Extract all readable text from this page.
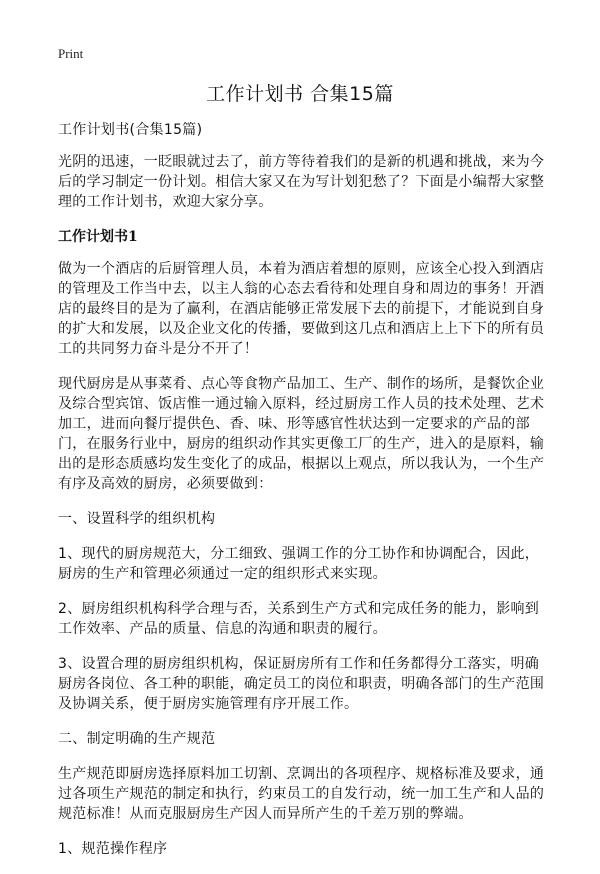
Print
工作计划书 合集15篇

工作计划书(合集15篇)

光阴的迅速，一眨眼就过去了，前方等待着我们的是新的机遇和挑战，来为今后的学习制定一份计划。相信大家又在为写计划犯愁了？下面是小编帮大家整理的工作计划书，欢迎大家分享。

工作计划书1

做为一个酒店的后厨管理人员，本着为酒店着想的原则，应该全心投入到酒店的管理及工作当中去，以主人翁的心态去看待和处理自身和周边的事务！开酒店的最终目的是为了赢利，在酒店能够正常发展下去的前提下，才能说到自身的扩大和发展，以及企业文化的传播，要做到这几点和酒店上上下下的所有员工的共同努力奋斗是分不开了！

现代厨房是从事菜肴、点心等食物产品加工、生产、制作的场所，是餐饮企业及综合型宾馆、饭店惟一通过输入原料，经过厨房工作人员的技术处理、艺术加工，进而向餐厅提供色、香、味、形等感官性状达到一定要求的产品的部门，在服务行业中，厨房的组织动作其实更像工厂的生产，进入的是原料，输出的是形态质感均发生变化了的成品，根据以上观点，所以我认为，一个生产有序及高效的厨房，必须要做到：

一、设置科学的组织机构

1、现代的厨房规范大，分工细致、强调工作的分工协作和协调配合，因此，厨房的生产和管理必须通过一定的组织形式来实现。

2、厨房组织机构科学合理与否，关系到生产方式和完成任务的能力，影响到工作效率、产品的质量、信息的沟通和职责的履行。

3、设置合理的厨房组织机构，保证厨房所有工作和任务都得分工落实，明确厨房各岗位、各工种的职能，确定员工的岗位和职责，明确各部门的生产范围及协调关系，便于厨房实施管理有序开展工作。

二、制定明确的生产规范

生产规范即厨房选择原料加工切割、烹调出的各项程序、规格标准及要求，通过各项生产规范的制定和执行，约束员工的自发行动，统一加工生产和人品的规范标准！从而克服厨房生产因人而异所产生的千差万别的弊端。

1、规范操作程序
